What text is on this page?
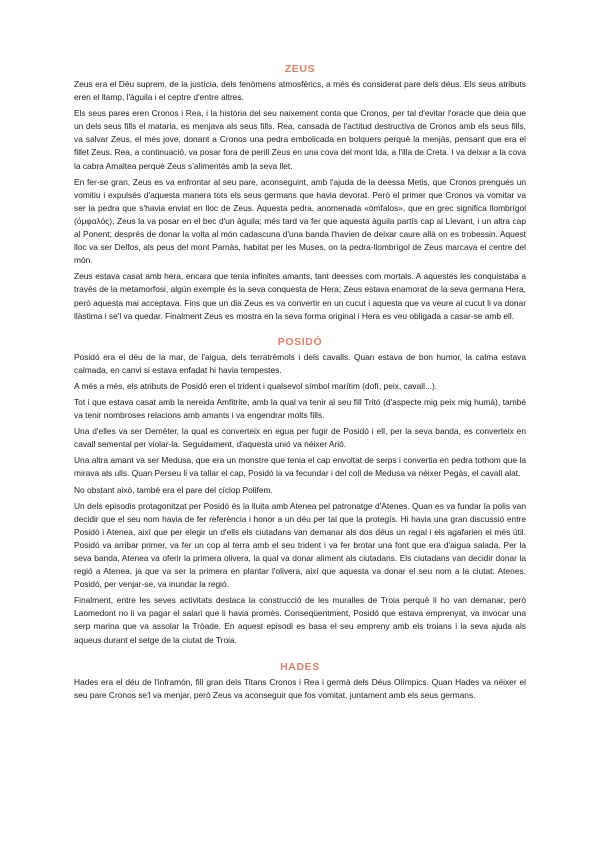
ZEUS

Zeus era el Déu suprem, de la justícia, dels fenòmens atmosfèrics, a més és considerat pare dels déus. Els seus atributs eren el llamp, l'àguila i el ceptre d'entre altres.

Els seus pares eren Cronos i Rea, i la història del seu naixement conta que Cronos, per tal d'evitar l'oracle que deia que un dels seus fills el mataria, es menjava als seus fills. Rea, cansada de l'actitud destructiva de Cronos amb els seus fills, va salvar Zeus, el més jove, donant a Cronos una pedra embolicada en bolquers perquè la menjàs, pensant que era el fillet Zeus. Rea, a continuació, va posar fora de perill Zeus en una cova del mont Ida, a l'illa de Creta. I va deixar a la cova la cabra Amaltea perquè Zeus s'alimentés amb la seva llet.

En fer-se gran, Zeus es va enfrontar al seu pare, aconseguint, amb l'ajuda de la deessa Metis, que Cronos prengués un vomitiu i expulsés d'aquesta manera tots els seus germans que havia devorat. Però el primer que Cronos va vomitar va ser la pedra que s'havia enviat en lloc de Zeus. Aquesta pedra, anomenada «òmfalos», que en grec significa llombrígol (όμφαλός), Zeus la va posar en el bec d'un àguila; més tard va fer que aquesta àguila partís cap al Llevant, i un altra cap al Ponent; després de donar la volta al món cadascuna d'una banda l'havien de deixar caure allà on es trobessin. Aquest lloc va ser Delfos, als peus del mont Parnàs, habitat per les Muses, on la pedra-llombrígol de Zeus marcava el centre del món.

Zeus estava casat amb hera, encara que tenia infinites amants, tant deesses com mortals. A aquestes les conquistaba a través de la metamorfosi, algún exemple és la seva conquesta de Hera; Zeus estava enamorat de la seva germana Hera, però aquesta mai acceptava. Fins que un dia Zeus es va convertir en un cucut i aquesta que va veure al cucut li va donar llàstima i se'l va quedar. Finalment Zeus es mostra en la seva forma original i Hera es veu obligada a casar-se amb ell.

POSIDÓ

Posidó era el déu de la mar, de l'aigua, dels terratrèmols i dels cavalls. Quan estava de bon humor, la calma estava calmada, en canvi si estava enfadat hi havia tempestes.

A més a més, els atributs de Posidó eren el trident i qualsevol símbol marítim (dofí, peix, cavall...).

Tot i que estava casat amb la nereida Amfitrite, amb la qual va tenir al seu fill Tritó (d'aspecte mig peix mig humà), també va tenir nombroses relacions amb amants i va engendrar molts fills.

Una d'elles va ser Demèter, la qual es converteix en egua per fugir de Posidó i ell, per la seva banda, es converteix en cavall semental per violar-la. Seguidament, d'aquesta unió va néixer Arió.

Una altra amant va ser Medusa, que era un monstre que tenia el cap envoltat de serps i convertia en pedra tothom que la mirava als ulls. Quan Perseu li va tallar el cap, Posidó la va fecundar i del coll de Medusa va néixer Pegàs, el cavall alat.

No obstant això, també era el pare del cíclop Polifem.

Un dels episodis protagonitzat per Posidó és la lluita amb Atenea pel patronatge d'Atenes. Quan es va fundar la polis van decidir que el seu nom havia de fer referència i honor a un déu per tal que la protegís. Hi havia una gran discussió entre Posidó i Atenea, així que per elegir un d'ells els ciutadans van demanar als dos déus un regal i els agafarien el més útil. Posidó va arribar primer, va fer un cop al terra amb el seu trident i va fer brotar una font que era d'aigua salada. Per la seva banda, Atenea va oferir la primera olivera, la qual va donar aliment als ciutadans. Els ciutadans van decidir donar la regió a Atenea, ja que va ser la primera en plantar l'olivera, així que aquesta va donar el seu nom a la ciutat: Atenes. Posidó, per venjar-se, va inundar la regió.

Finalment, entre les seves activitats destaca la construcció de les muralles de Troia perquè li ho van demanar, però Laomedont no li va pagar el salari que li havia promès. Conseqüentment, Posidó que estava emprenyat, va invocar una serp marina que va assolar la Tròade. En aquest episodi es basa el seu empreny amb els troians i la seva ajuda als aqueus durant el setge de la ciutat de Troia.

HADES

Hades era el déu de l'inframón, fill gran dels Titans Cronos i Rea i germà dels Déus Olímpics. Quan Hades va néixer el seu pare Cronos se'l va menjar, però Zeus va aconseguir que fos vomitat, juntament amb els seus germans.
